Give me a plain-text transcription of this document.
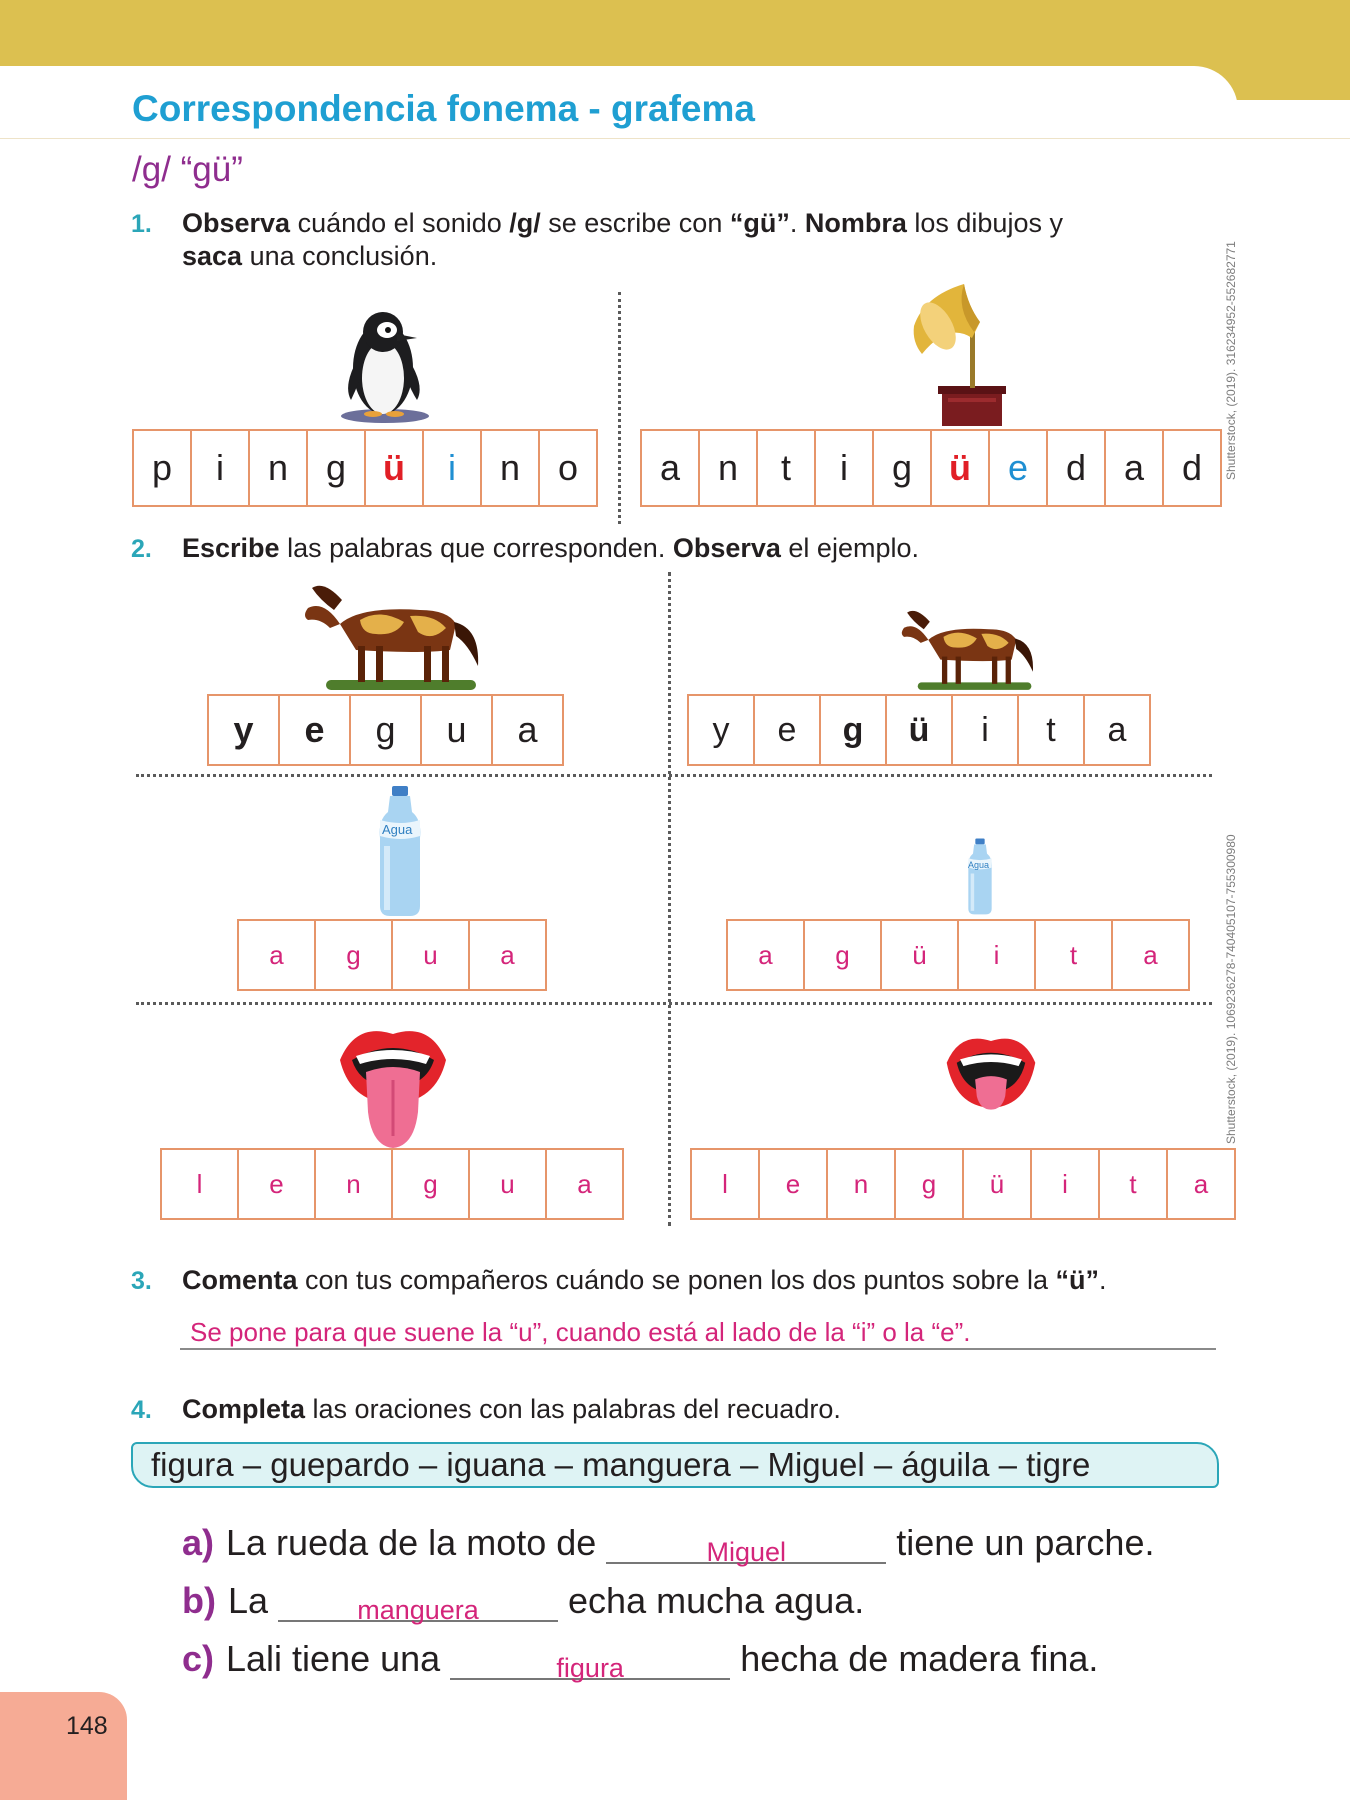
Correspondencia fonema - grafema
/g/ “gü”
1. Observa cuándo el sonido /g/ se escribe con “gü”. Nombra los dibujos y
saca una conclusión.	Shutterstock, (2019). 316234952-552682771
p	i	n	g	ü	i	n	o	a	n	t	i	g	ü	e	d	a	d
2. Escribe las palabras que corresponden. Observa el ejemplo.
y	e	g	u	a	y	e	g	ü	i	t	a
Agua
a	g	u	a
Agua
a	g	ü	i	t	a	Shutterstock, (2019). 1069236278-740405107-755300980
l	e	n	g	u	a	l	e	n	g	ü	i	t	a
3. Comenta con tus compañeros cuándo se ponen los dos puntos sobre la “ü”.
Se pone para que suene la “u”, cuando está al lado de la “i” o la “e”.
4. Completa las oraciones con las palabras del recuadro.
figura – guepardo – iguana – manguera – Miguel – águila – tigre
a) La rueda de la moto de	Miguel	tiene un parche.
b) La	manguera	echa mucha agua.
c) Lali tiene una	figura	hecha de madera fina.
148
